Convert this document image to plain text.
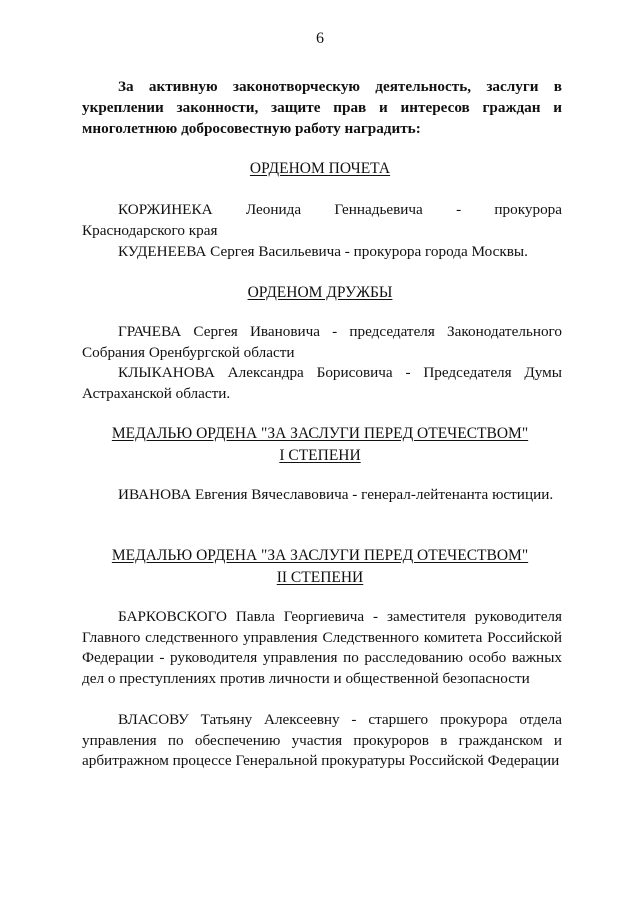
6
За активную законотворческую деятельность, заслуги в укреплении законности, защите прав и интересов граждан и многолетнюю добросовестную работу наградить:
ОРДЕНОМ ПОЧЕТА
КОРЖИНЕКА Леонида Геннадьевича - прокурора
Краснодарского края
КУДЕНЕЕВА Сергея Васильевича - прокурора города Москвы.
ОРДЕНОМ ДРУЖБЫ
ГРАЧЕВА Сергея Ивановича - председателя Законодательного Собрания Оренбургской области
КЛЫКАНОВА Александра Борисовича - Председателя Думы Астраханской области.
МЕДАЛЬЮ ОРДЕНА "ЗА ЗАСЛУГИ ПЕРЕД ОТЕЧЕСТВОМ"
I СТЕПЕНИ
ИВАНОВА Евгения Вячеславовича - генерал-лейтенанта юстиции.
МЕДАЛЬЮ ОРДЕНА "ЗА ЗАСЛУГИ ПЕРЕД ОТЕЧЕСТВОМ"
II СТЕПЕНИ
БАРКОВСКОГО Павла Георгиевича - заместителя руководителя Главного следственного управления Следственного комитета Российской Федерации - руководителя управления по расследованию особо важных дел о преступлениях против личности и общественной безопасности
ВЛАСОВУ Татьяну Алексеевну - старшего прокурора отдела управления по обеспечению участия прокуроров в гражданском и арбитражном процессе Генеральной прокуратуры Российской Федерации
